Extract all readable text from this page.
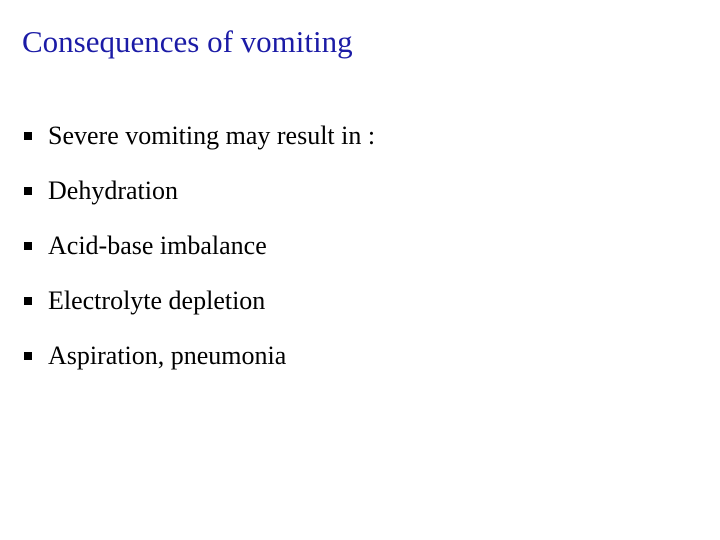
Consequences of vomiting
Severe vomiting may result in :
Dehydration
Acid-base imbalance
Electrolyte depletion
Aspiration, pneumonia
